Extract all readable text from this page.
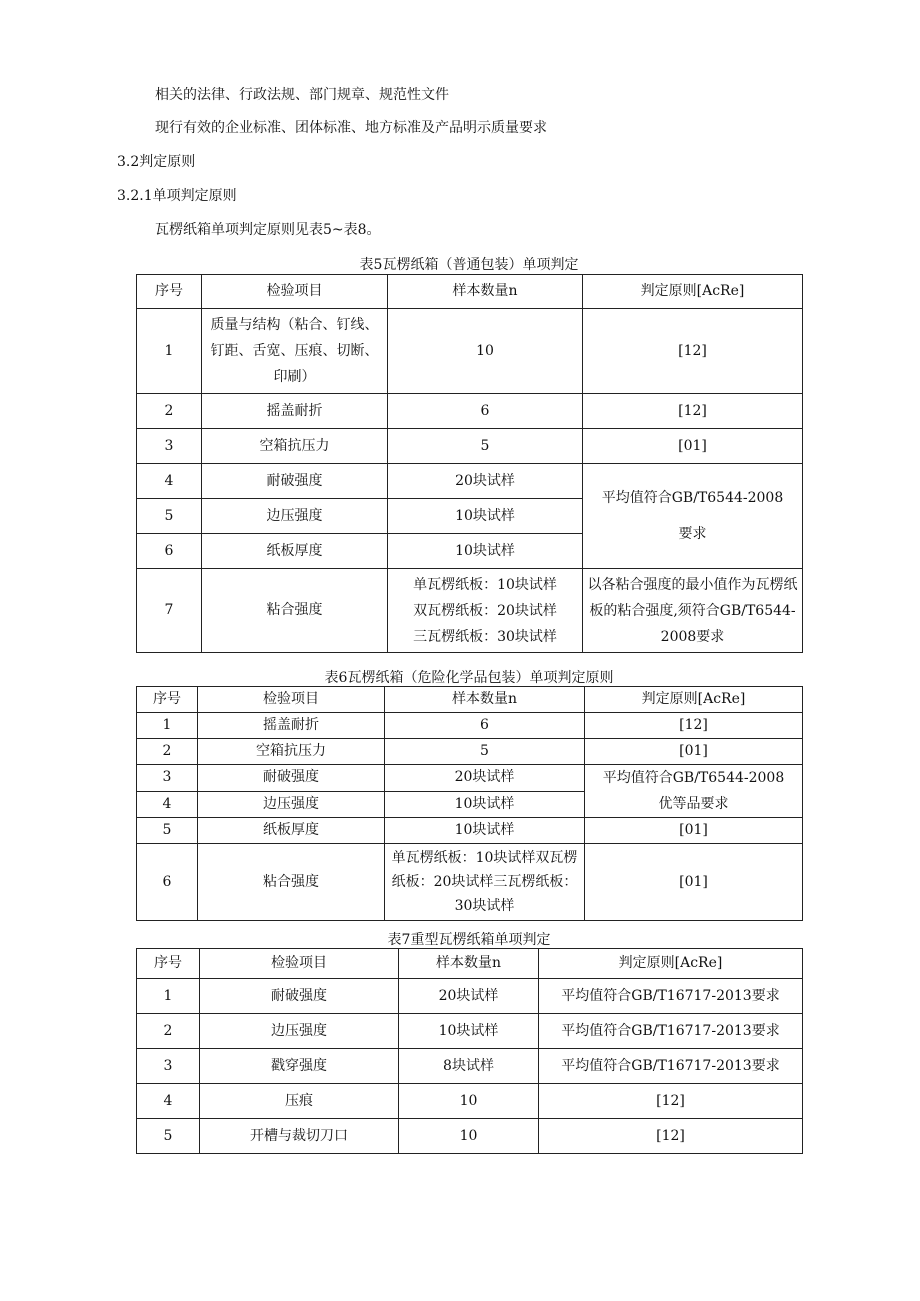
相关的法律、行政法规、部门规章、规范性文件
现行有效的企业标准、团体标准、地方标准及产品明示质量要求
3.2判定原则
3.2.1单项判定原则
瓦楞纸箱单项判定原则见表5~表8。
表5瓦楞纸箱（普通包装）单项判定
序号	检验项目	样本数量n	判定原则[AcRe]
1	质量与结构（粘合、钉线、钉距、舌宽、压痕、切断、印刷）	10	[12]
2	摇盖耐折	6	[12]
3	空箱抗压力	5	[01]
4	耐破强度	20块试样	平均值符合GB/T6544-2008
要求

5	边压强度	10块试样	
6	纸板厚度	10块试样	
7	粘合强度	单瓦楞纸板：10块试样
双瓦楞纸板：20块试样
三瓦楞纸板：30块试样	以各粘合强度的最小值作为瓦楞纸板的粘合强度,须符合GB/T6544-2008要求
表6瓦楞纸箱（危险化学品包装）单项判定原则
序号	检验项目	样本数量n	判定原则[AcRe]
1	摇盖耐折	6	[12]
2	空箱抗压力	5	[01]
3	耐破强度	20块试样	平均值符合GB/T6544-2008
优等品要求

4	边压强度	10块试样	
5	纸板厚度	10块试样	[01]
6	粘合强度	单瓦楞纸板：10块试样双瓦楞纸板：20块试样三瓦楞纸板：30块试样	[01]
表7重型瓦楞纸箱单项判定
序号	检验项目	样本数量n	判定原则[AcRe]
1	耐破强度	20块试样	平均值符合GB/T16717-2013要求
2	边压强度	10块试样	平均值符合GB/T16717-2013要求
3	戳穿强度	8块试样	平均值符合GB/T16717-2013要求
4	压痕	10	[12]
5	开槽与裁切刀口	10	[12]
